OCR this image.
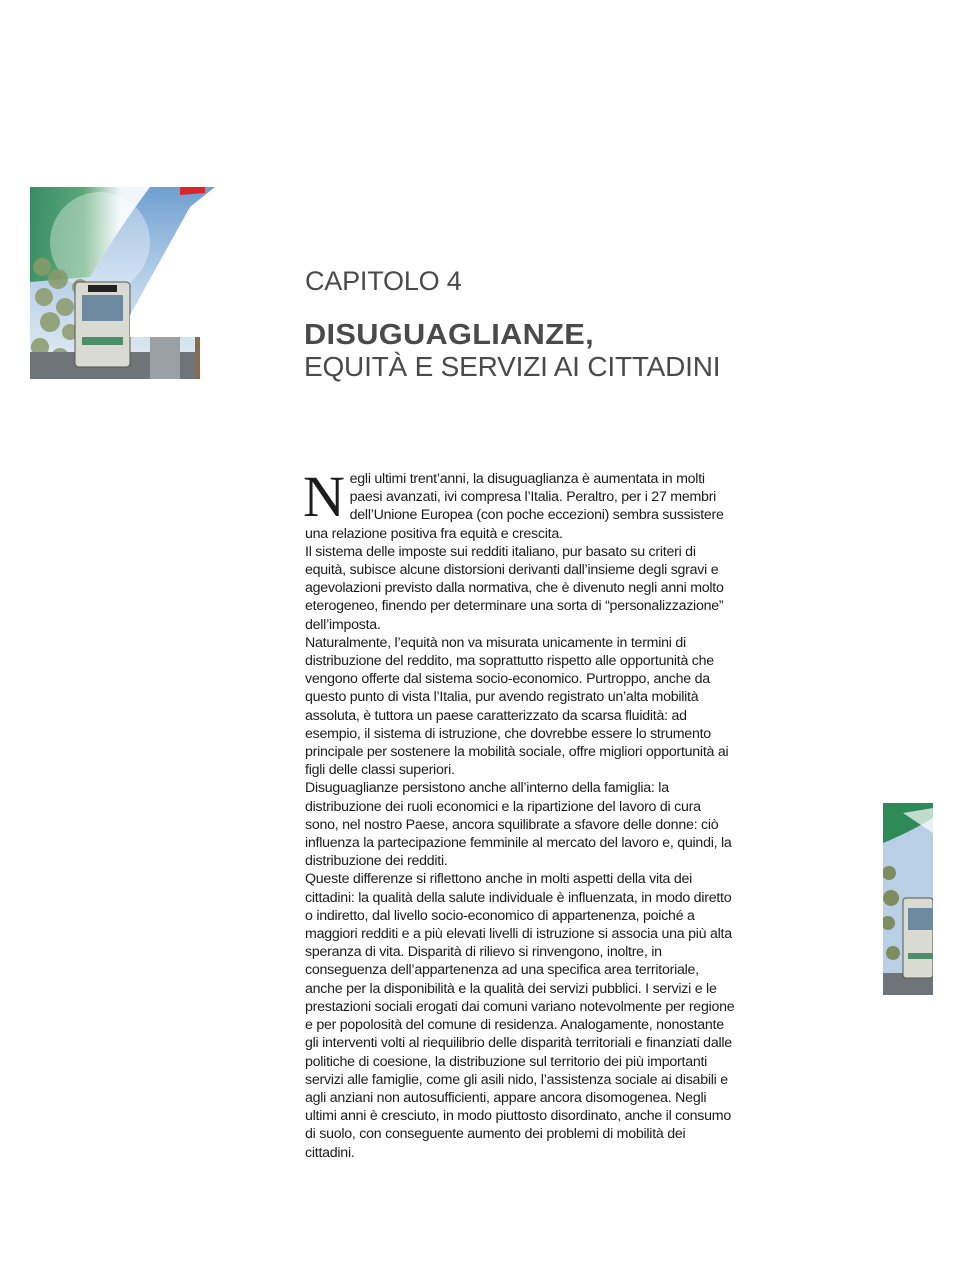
CAPITOLO 4
DISUGUAGLIANZE,
EQUITÀ E SERVIZI AI CITTADINI

Negli ultimi trent’anni, la disuguaglianza è aumentata in molti paesi avanzati, ivi compresa l’Italia. Peraltro, per i 27 membri dell’Unione Europea (con poche eccezioni) sembra sussistere una relazione positiva fra equità e crescita.

Il sistema delle imposte sui redditi italiano, pur basato su criteri di equità, subisce alcune distorsioni derivanti dall’insieme degli sgravi e agevolazioni previsto dalla normativa, che è divenuto negli anni molto eterogeneo, finendo per determinare una sorta di “personalizzazione” dell’imposta.

Naturalmente, l’equità non va misurata unicamente in termini di distribuzione del reddito, ma soprattutto rispetto alle opportunità che vengono offerte dal sistema socio-economico. Purtroppo, anche da questo punto di vista l’Italia, pur avendo registrato un’alta mobilità assoluta, è tuttora un paese caratterizzato da scarsa fluidità: ad esempio, il sistema di istruzione, che dovrebbe essere lo strumento principale per sostenere la mobilità sociale, offre migliori opportunità ai figli delle classi superiori.

Disuguaglianze persistono anche all’interno della famiglia: la distribuzione dei ruoli economici e la ripartizione del lavoro di cura sono, nel nostro Paese, ancora squilibrate a sfavore delle donne: ciò influenza la partecipazione femminile al mercato del lavoro e, quindi, la distribuzione dei redditi.

Queste differenze si riflettono anche in molti aspetti della vita dei cittadini: la qualità della salute individuale è influenzata, in modo diretto o indiretto, dal livello socio-economico di appartenenza, poiché a maggiori redditi e a più elevati livelli di istruzione si associa una più alta speranza di vita. Disparità di rilievo si rinvengono, inoltre, in conseguenza dell’appartenenza ad una specifica area territoriale, anche per la disponibilità e la qualità dei servizi pubblici. I servizi e le prestazioni sociali erogati dai comuni variano notevolmente per regione e per popolosità del comune di residenza. Analogamente, nonostante gli interventi volti al riequilibrio delle disparità territoriali e finanziati dalle politiche di coesione, la distribuzione sul territorio dei più importanti servizi alle famiglie, come gli asili nido, l’assistenza sociale ai disabili e agli anziani non autosufficienti, appare ancora disomogenea. Negli ultimi anni è cresciuto, in modo piuttosto disordinato, anche il consumo di suolo, con conseguente aumento dei problemi di mobilità dei cittadini.
